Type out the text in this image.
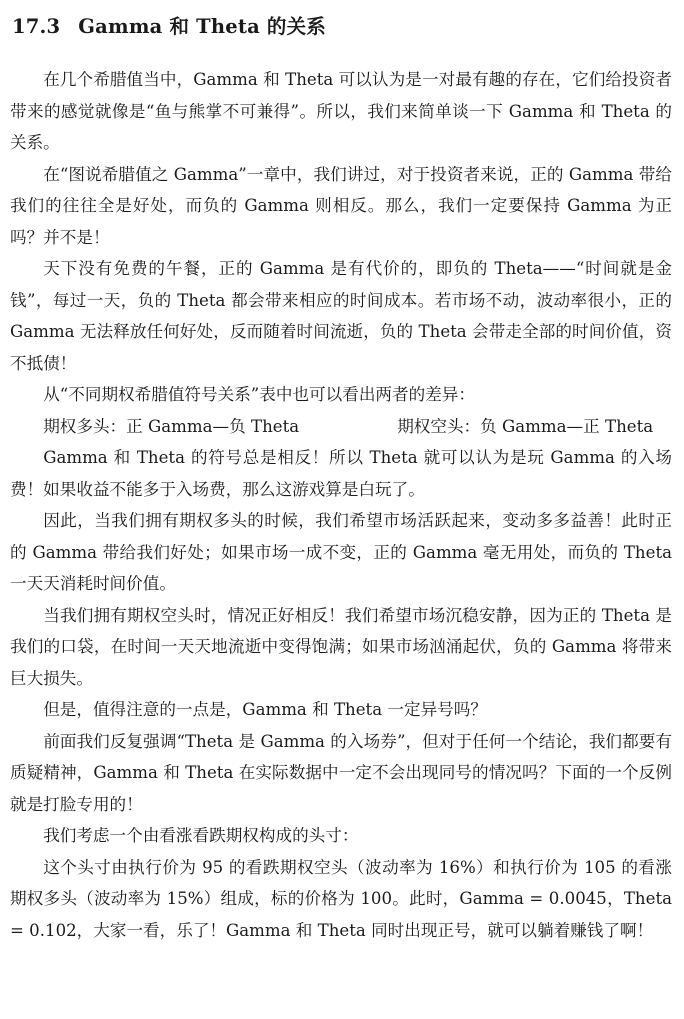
17.3 Gamma 和 Theta 的关系

在几个希腊值当中，Gamma 和 Theta 可以认为是一对最有趣的存在，它们给投资者带来的感觉就像是“鱼与熊掌不可兼得”。所以，我们来简单谈一下 Gamma 和 Theta 的关系。

在“图说希腊值之 Gamma”一章中，我们讲过，对于投资者来说，正的 Gamma 带给我们的往往全是好处，而负的 Gamma 则相反。那么，我们一定要保持 Gamma 为正吗？并不是！

天下没有免费的午餐，正的 Gamma 是有代价的，即负的 Theta——“时间就是金钱”，每过一天，负的 Theta 都会带来相应的时间成本。若市场不动，波动率很小，正的 Gamma 无法释放任何好处，反而随着时间流逝，负的 Theta 会带走全部的时间价值，资不抵债！

从“不同期权希腊值符号关系”表中也可以看出两者的差异：

期权多头：正 Gamma—负 Theta	期权空头：负 Gamma—正 Theta

Gamma 和 Theta 的符号总是相反！所以 Theta 就可以认为是玩 Gamma 的入场费！如果收益不能多于入场费，那么这游戏算是白玩了。

因此，当我们拥有期权多头的时候，我们希望市场活跃起来，变动多多益善！此时正的 Gamma 带给我们好处；如果市场一成不变，正的 Gamma 毫无用处，而负的 Theta 一天天消耗时间价值。

当我们拥有期权空头时，情况正好相反！我们希望市场沉稳安静，因为正的 Theta 是我们的口袋，在时间一天天地流逝中变得饱满；如果市场汹涌起伏，负的 Gamma 将带来巨大损失。

但是，值得注意的一点是，Gamma 和 Theta 一定异号吗？

前面我们反复强调“Theta 是 Gamma 的入场券”，但对于任何一个结论，我们都要有质疑精神，Gamma 和 Theta 在实际数据中一定不会出现同号的情况吗？下面的一个反例就是打脸专用的！

我们考虑一个由看涨看跌期权构成的头寸：

这个头寸由执行价为 95 的看跌期权空头（波动率为 16%）和执行价为 105 的看涨期权多头（波动率为 15%）组成，标的价格为 100。此时，Gamma = 0.0045，Theta = 0.102，大家一看，乐了！Gamma 和 Theta 同时出现正号，就可以躺着赚钱了啊！
